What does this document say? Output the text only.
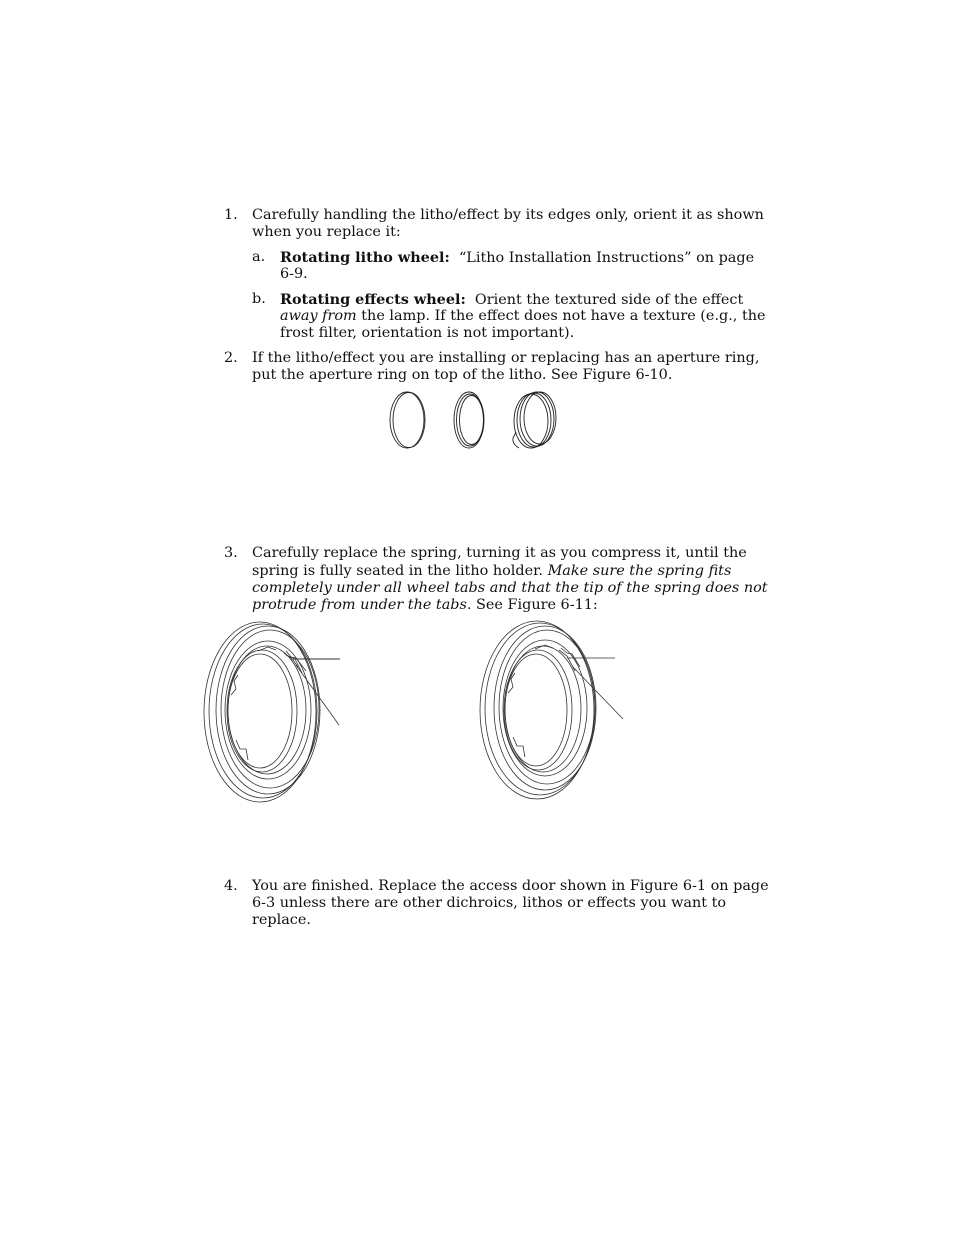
1. Carefully handling the litho/effect by its edges only, orient it as shown
when you replace it:
a. Rotating litho wheel: “Litho Installation Instructions” on page
6-9.
b. Rotating effects wheel: Orient the textured side of the effect
away from the lamp. If the effect does not have a texture (e.g., the
frost filter, orientation is not important).
2. If the litho/effect you are installing or replacing has an aperture ring,
put the aperture ring on top of the litho. See Figure 6-10.
3. Carefully replace the spring, turning it as you compress it, until the
spring is fully seated in the litho holder. Make sure the spring fits
completely under all wheel tabs and that the tip of the spring does not
protrude from under the tabs. See Figure 6-11:
4. You are finished. Replace the access door shown in Figure 6-1 on page
6-3 unless there are other dichroics, lithos or effects you want to
replace.
